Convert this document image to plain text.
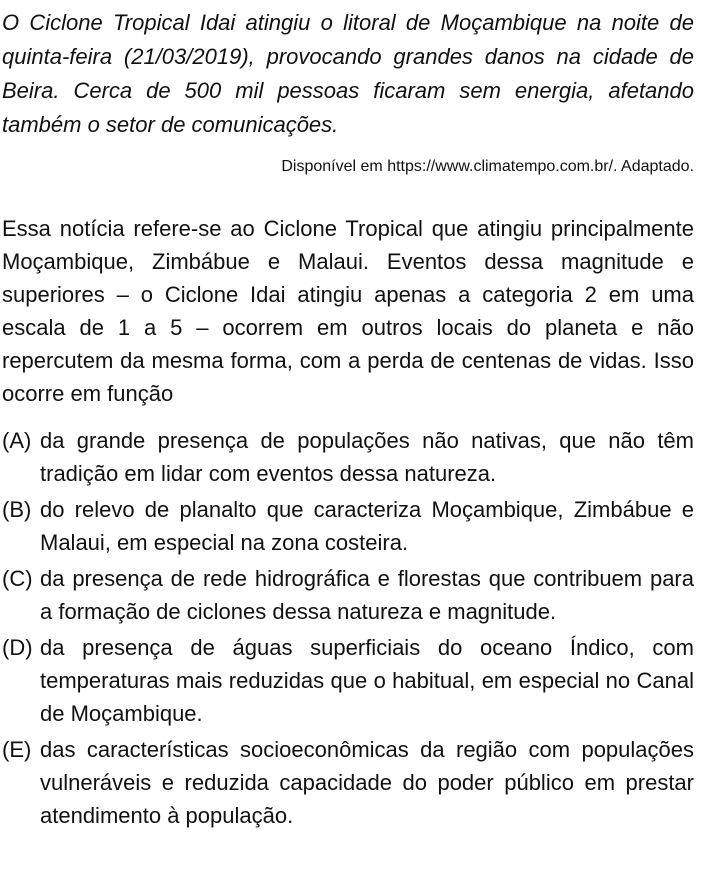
O Ciclone Tropical Idai atingiu o litoral de Moçambique na noite de quinta-feira (21/03/2019), provocando grandes danos na cidade de Beira. Cerca de 500 mil pessoas ficaram sem energia, afetando também o setor de comunicações.

Disponível em https://www.climatempo.com.br/. Adaptado.

Essa notícia refere-se ao Ciclone Tropical que atingiu principalmente Moçambique, Zimbábue e Malaui. Eventos dessa magnitude e superiores – o Ciclone Idai atingiu apenas a categoria 2 em uma escala de 1 a 5 – ocorrem em outros locais do planeta e não repercutem da mesma forma, com a perda de centenas de vidas. Isso ocorre em função

(A) da grande presença de populações não nativas, que não têm tradição em lidar com eventos dessa natureza.
(B) do relevo de planalto que caracteriza Moçambique, Zimbábue e Malaui, em especial na zona costeira.
(C) da presença de rede hidrográfica e florestas que contribuem para a formação de ciclones dessa natureza e magnitude.
(D) da presença de águas superficiais do oceano Índico, com temperaturas mais reduzidas que o habitual, em especial no Canal de Moçambique.
(E) das características socioeconômicas da região com populações vulneráveis e reduzida capacidade do poder público em prestar atendimento à população.
